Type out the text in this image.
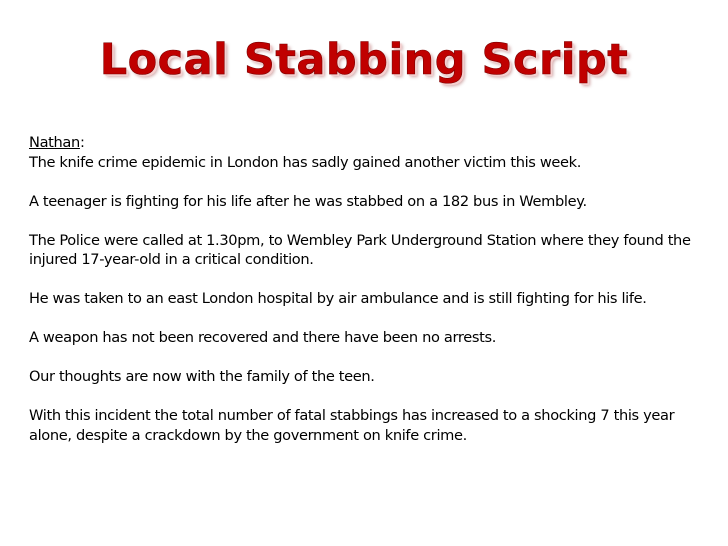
Local Stabbing Script

Nathan:

The knife crime epidemic in London has sadly gained another victim this week.

A teenager is fighting for his life after he was stabbed on a 182 bus in Wembley.

The Police were called at 1.30pm, to Wembley Park Underground Station where they found the injured 17-year-old in a critical condition.

He was taken to an east London hospital by air ambulance and is still fighting for his life.

A weapon has not been recovered and there have been no arrests.

Our thoughts are now with the family of the teen.

With this incident the total number of fatal stabbings has increased to a shocking 7 this year alone, despite a crackdown by the government on knife crime.
